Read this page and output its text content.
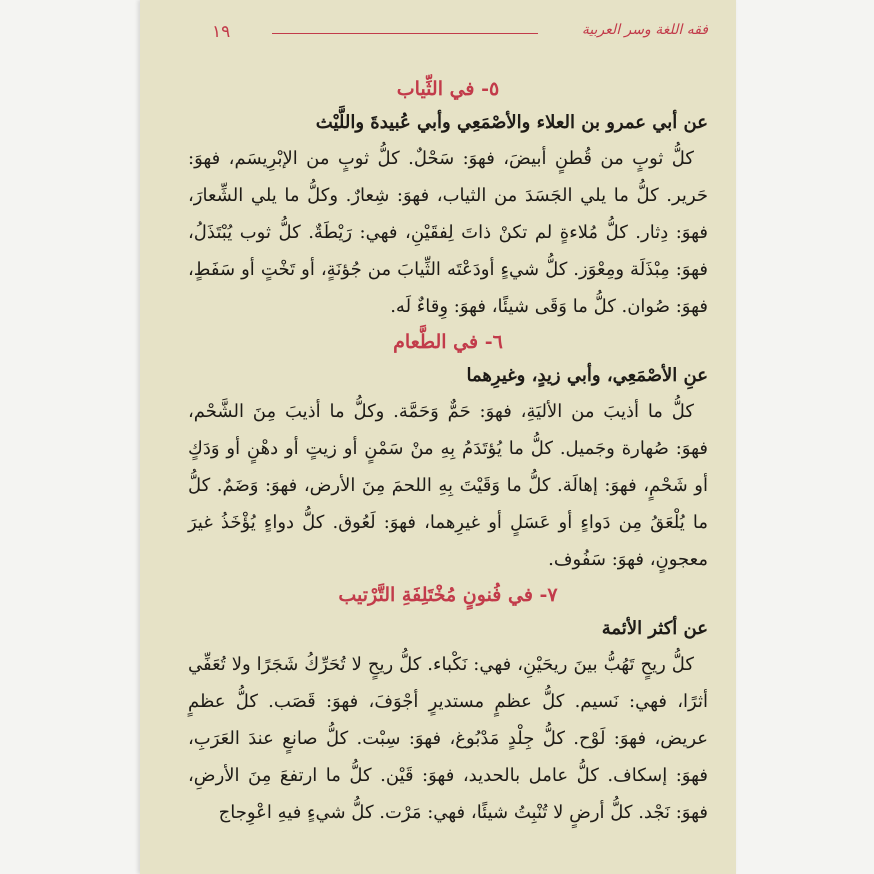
فقه اللغة وسر العربية
١٩
٥- في الثِّياب

عن أبي عمرو بن العلاء والأصْمَعِي وأبي عُبيدةَ واللَّيْث

كلُّ ثوبٍ من قُطنٍ أبيضَ، فهوَ: سَحْلٌ. كلُّ ثوبٍ من الإبْرِيسَم، فهوَ: حَرير. كلُّ ما يلي الجَسَدَ من الثياب، فهوَ: شِعارٌ. وكلُّ ما يلي الشِّعارَ، فهوَ: دِثار. كلُّ مُلاءةٍ لم تكنْ ذاتَ لِفقَيْنِ، فهي: رَيْطَةٌ. كلُّ ثوب يُبْتَذَلُ، فهوَ: مِبْذَلَة ومِعْوَز. كلُّ شيءٍ أودَعْتَه الثِّيابَ من جُؤنَةٍ، أو تَخْتٍ أو سَفَطٍ، فهوَ: صُوان. كلُّ ما وَقَى شيئًا، فهوَ: وِقاءٌ لَه.

٦- في الطَّعام

عنِ الأصْمَعِي، وأبي زيدٍ، وغيرِهما

كلُّ ما أذيبَ من الأليَةِ، فهوَ: حَمٌّ وَحَمَّة. وكلُّ ما أذيبَ مِنَ الشَّحْم، فهوَ: صُهارة وجَميل. كلُّ ما يُؤتَدَمُ بِهِ منْ سَمْنٍ أو زيتٍ أو دهْنٍ أو وَدَكٍ أو شَحْمٍ، فهوَ: إهالَة. كلُّ ما وَقَيْتَ بِهِ اللحمَ مِنَ الأرض، فهوَ: وَضَمٌ. كلُّ ما يُلْعَقُ مِن دَواءٍ أو عَسَلٍ أو غيرِهما، فهوَ: لَعُوق. كلُّ دواءٍ يُؤْخَذُ غيرَ معجونٍ، فهوَ: سَفُوف.

٧- في فُنونٍ مُخْتَلِفَةِ التَّرْتيب

عن أكثر الأئمة

كلُّ ريحٍ تَهُبُّ بينَ ريحَيْنِ، فهي: نَكْباء. كلُّ ريحٍ لا تُحَرِّكُ شَجَرًا ولا تُعَفِّي أثرًا، فهي: نَسيم. كلُّ عظمٍ مستديرٍ أجْوَفَ، فهوَ: قَصَب. كلُّ عظمٍ عريض، فهوَ: لَوْح. كلُّ جِلْدٍ مَدْبُوغ، فهوَ: سِبْت. كلُّ صانعٍ عندَ العَرَبِ، فهوَ: إسكاف. كلُّ عامل بالحديد، فهوَ: قَيْن. كلُّ ما ارتفعَ مِنَ الأرضِ، فهوَ: نَجْد. كلُّ أرضٍ لا تُنْبِتُ شيئًا، فهي: مَرْت. كلُّ شيءٍ فيهِ اعْوِجاج
